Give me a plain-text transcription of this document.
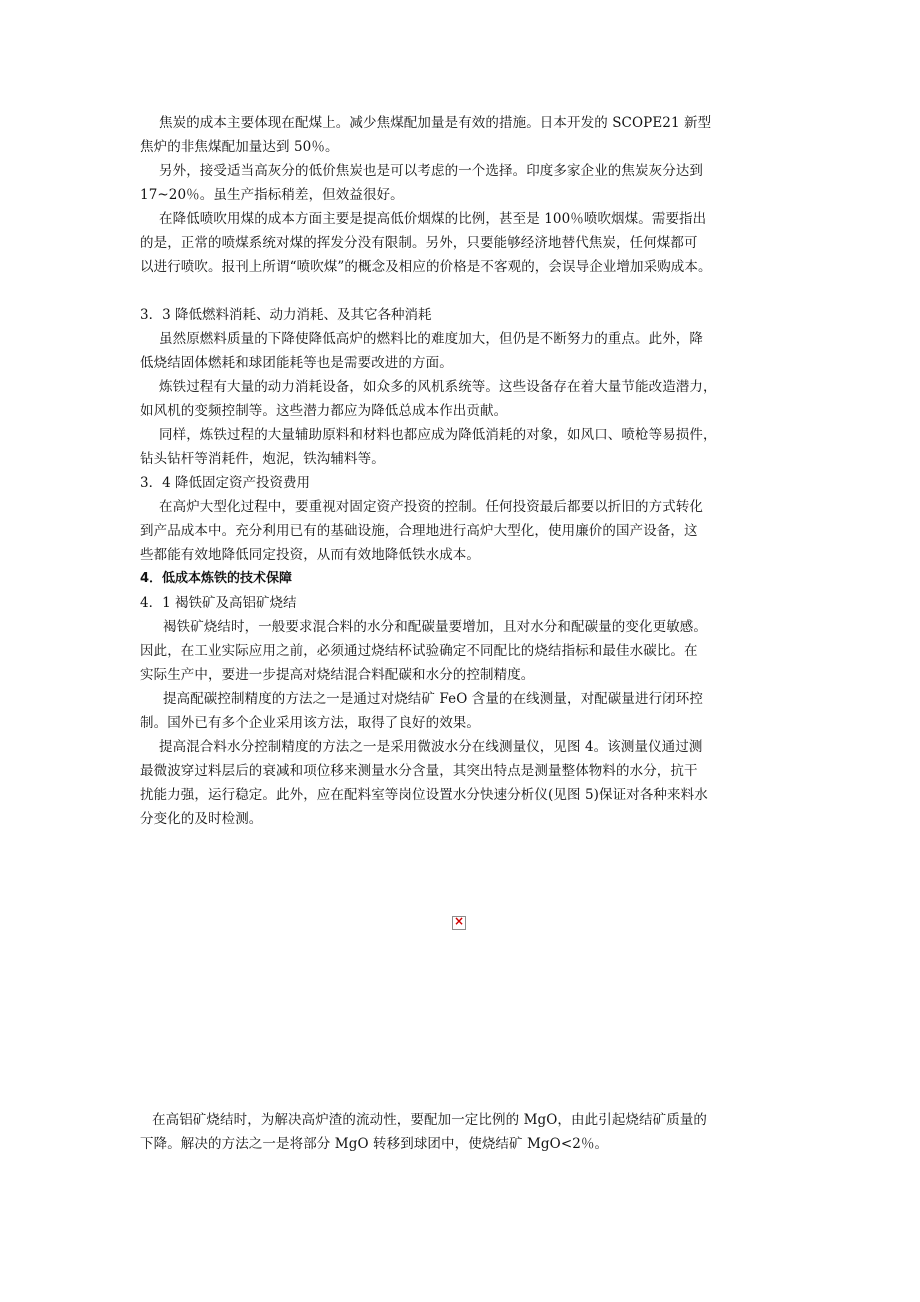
焦炭的成本主要体现在配煤上。减少焦煤配加量是有效的措施。日本开发的 SCOPE21 新型
焦炉的非焦煤配加量达到 50％。
另外，接受适当高灰分的低价焦炭也是可以考虑的一个选择。印度多家企业的焦炭灰分达到
17~20％。虽生产指标稍差，但效益很好。
在降低喷吹用煤的成本方面主要是提高低价烟煤的比例，甚至是 100％喷吹烟煤。需要指出
的是，正常的喷煤系统对煤的挥发分没有限制。另外，只要能够经济地替代焦炭，任何煤都可
以进行喷吹。报刊上所谓“喷吹煤”的概念及相应的价格是不客观的，会误导企业增加采购成本。
3．3 降低燃料消耗、动力消耗、及其它各种消耗
虽然原燃料质量的下降使降低高炉的燃料比的难度加大，但仍是不断努力的重点。此外，降
低烧结固体燃耗和球团能耗等也是需要改进的方面。
炼铁过程有大量的动力消耗设备，如众多的风机系统等。这些设备存在着大量节能改造潜力，
如风机的变频控制等。这些潜力都应为降低总成本作出贡献。
同样，炼铁过程的大量辅助原料和材料也都应成为降低消耗的对象，如风口、喷枪等易损件，
钻头钻杆等消耗件，炮泥，铁沟辅料等。
3．4 降低固定资产投资费用
在高炉大型化过程中，要重视对固定资产投资的控制。任何投资最后都要以折旧的方式转化
到产品成本中。充分利用已有的基础设施，合理地进行高炉大型化，使用廉价的国产设备，这
些都能有效地降低同定投资，从而有效地降低铁水成本。
4．低成本炼铁的技术保障
4．1 褐铁矿及高铝矿烧结
褐铁矿烧结时，一般要求混合料的水分和配碳量要增加，且对水分和配碳量的变化更敏感。
因此，在工业实际应用之前，必须通过烧结杯试验确定不同配比的烧结指标和最佳水碳比。在
实际生产中，要进一步提高对烧结混合料配碳和水分的控制精度。
提高配碳控制精度的方法之一是通过对烧结矿 FeO 含量的在线测量，对配碳量进行闭环控
制。国外已有多个企业采用该方法，取得了良好的效果。
提高混合料水分控制精度的方法之一是采用微波水分在线测量仪，见图 4。该测量仪通过测
最微波穿过料层后的衰减和项位移来测量水分含量，其突出特点是测量整体物料的水分，抗干
扰能力强，运行稳定。此外，应在配料室等岗位设置水分快速分析仪(见图 5)保证对各种来料水
分变化的及时检测。
×
在高铝矿烧结时，为解决高炉渣的流动性，要配加一定比例的 MgO，由此引起烧结矿质量的
下降。解决的方法之一是将部分 MgO 转移到球团中，使烧结矿 MgO<2％。
